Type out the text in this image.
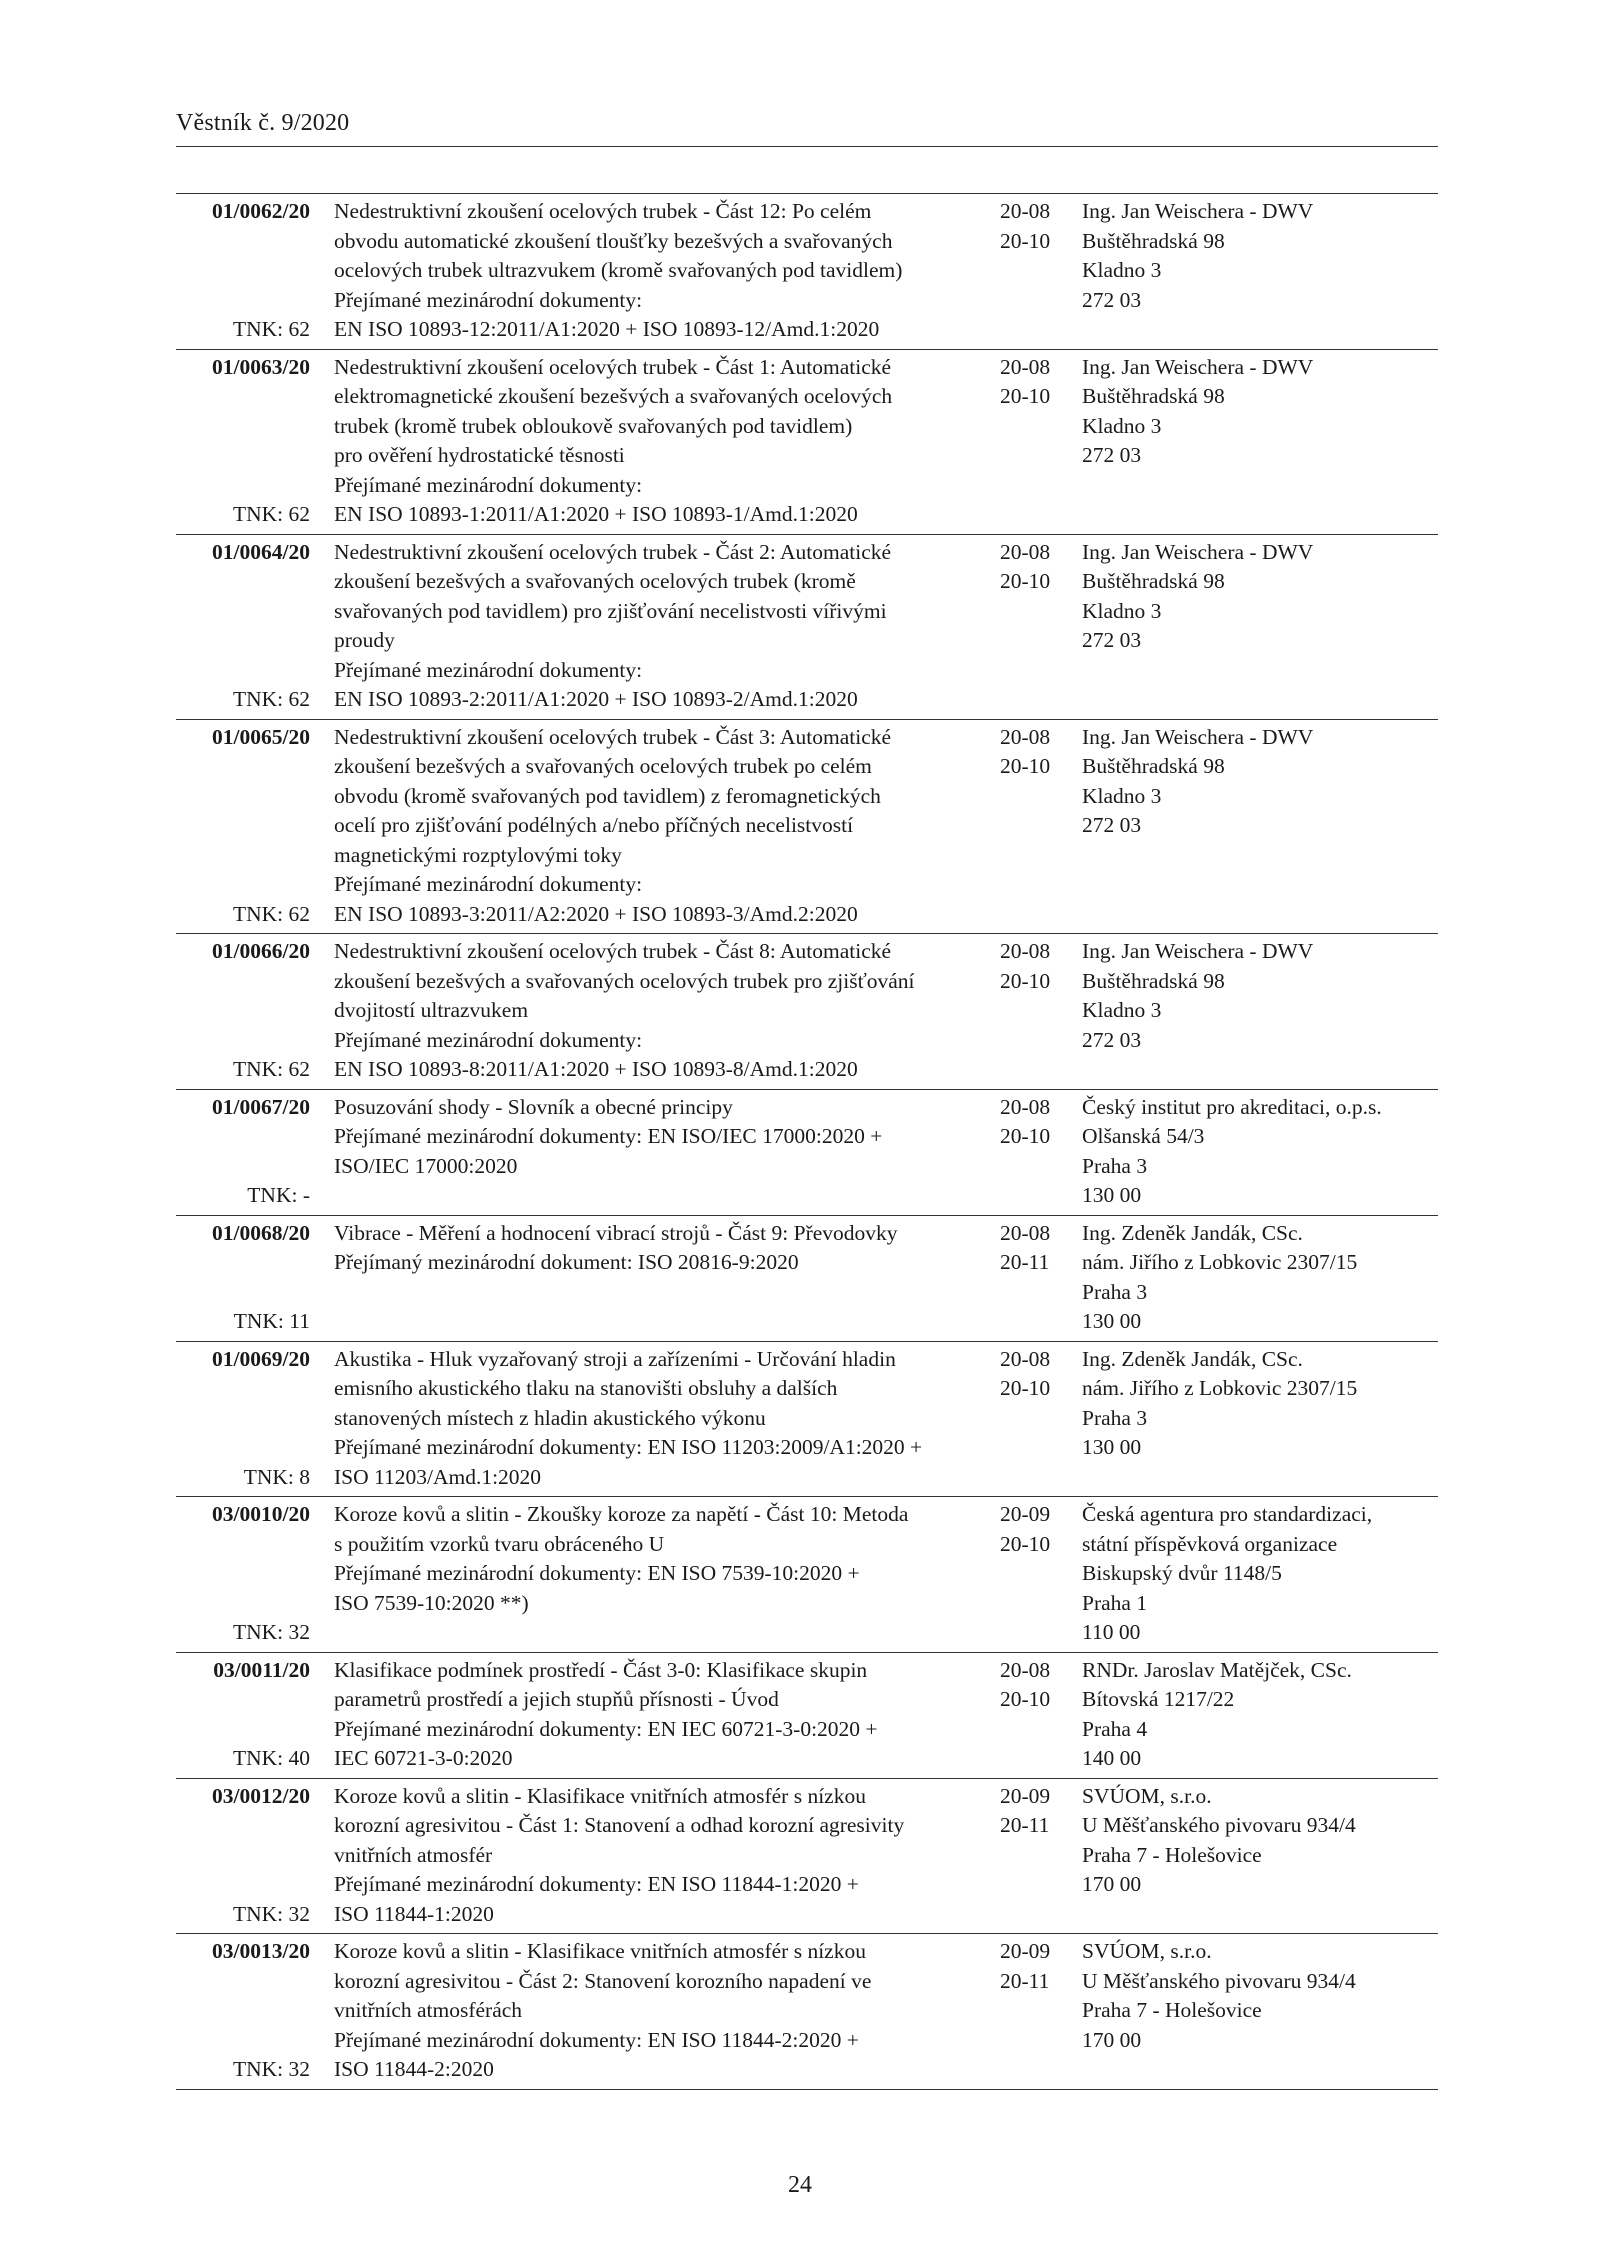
Věstník č. 9/2020
01/0062/20
TNK: 62
Nedestruktivní zkoušení ocelových trubek - Část 12: Po celém
obvodu automatické zkoušení tloušťky bezešvých a svařovaných
ocelových trubek ultrazvukem (kromě svařovaných pod tavidlem)
Přejímané mezinárodní dokumenty:
EN ISO 10893-12:2011/A1:2020 + ISO 10893-12/Amd.1:2020
20-08
20-10
Ing. Jan Weischera - DWV
Buštěhradská 98
Kladno 3
272 03
01/0063/20
TNK: 62
Nedestruktivní zkoušení ocelových trubek - Část 1: Automatické
elektromagnetické zkoušení bezešvých a svařovaných ocelových
trubek (kromě trubek obloukově svařovaných pod tavidlem)
pro ověření hydrostatické těsnosti
Přejímané mezinárodní dokumenty:
EN ISO 10893-1:2011/A1:2020 + ISO 10893-1/Amd.1:2020
20-08
20-10
Ing. Jan Weischera - DWV
Buštěhradská 98
Kladno 3
272 03
01/0064/20
TNK: 62
Nedestruktivní zkoušení ocelových trubek - Část 2: Automatické
zkoušení bezešvých a svařovaných ocelových trubek (kromě
svařovaných pod tavidlem) pro zjišťování necelistvosti vířivými
proudy
Přejímané mezinárodní dokumenty:
EN ISO 10893-2:2011/A1:2020 + ISO 10893-2/Amd.1:2020
20-08
20-10
Ing. Jan Weischera - DWV
Buštěhradská 98
Kladno 3
272 03
01/0065/20
TNK: 62
Nedestruktivní zkoušení ocelových trubek - Část 3: Automatické
zkoušení bezešvých a svařovaných ocelových trubek po celém
obvodu (kromě svařovaných pod tavidlem) z feromagnetických
ocelí pro zjišťování podélných a/nebo příčných necelistvostí
magnetickými rozptylovými toky
Přejímané mezinárodní dokumenty:
EN ISO 10893-3:2011/A2:2020 + ISO 10893-3/Amd.2:2020
20-08
20-10
Ing. Jan Weischera - DWV
Buštěhradská 98
Kladno 3
272 03
01/0066/20
TNK: 62
Nedestruktivní zkoušení ocelových trubek - Část 8: Automatické
zkoušení bezešvých a svařovaných ocelových trubek pro zjišťování
dvojitostí ultrazvukem
Přejímané mezinárodní dokumenty:
EN ISO 10893-8:2011/A1:2020 + ISO 10893-8/Amd.1:2020
20-08
20-10
Ing. Jan Weischera - DWV
Buštěhradská 98
Kladno 3
272 03
01/0067/20
TNK: -
Posuzování shody - Slovník a obecné principy
Přejímané mezinárodní dokumenty: EN ISO/IEC 17000:2020 +
ISO/IEC 17000:2020
20-08
20-10
Český institut pro akreditaci, o.p.s.
Olšanská 54/3
Praha 3
130 00
01/0068/20
TNK: 11
Vibrace - Měření a hodnocení vibrací strojů - Část 9: Převodovky
Přejímaný mezinárodní dokument: ISO 20816-9:2020
20-08
20-11
Ing. Zdeněk Jandák, CSc.
nám. Jiřího z Lobkovic 2307/15
Praha 3
130 00
01/0069/20
TNK: 8
Akustika - Hluk vyzařovaný stroji a zařízeními - Určování hladin
emisního akustického tlaku na stanovišti obsluhy a dalších
stanovených místech z hladin akustického výkonu
Přejímané mezinárodní dokumenty: EN ISO 11203:2009/A1:2020 +
ISO 11203/Amd.1:2020
20-08
20-10
Ing. Zdeněk Jandák, CSc.
nám. Jiřího z Lobkovic 2307/15
Praha 3
130 00
03/0010/20
TNK: 32
Koroze kovů a slitin - Zkoušky koroze za napětí - Část 10: Metoda
s použitím vzorků tvaru obráceného U
Přejímané mezinárodní dokumenty: EN ISO 7539-10:2020 +
ISO 7539-10:2020 **)
20-09
20-10
Česká agentura pro standardizaci,
státní příspěvková organizace
Biskupský dvůr 1148/5
Praha 1
110 00
03/0011/20
TNK: 40
Klasifikace podmínek prostředí - Část 3-0: Klasifikace skupin
parametrů prostředí a jejich stupňů přísnosti - Úvod
Přejímané mezinárodní dokumenty: EN IEC 60721-3-0:2020 +
IEC 60721-3-0:2020
20-08
20-10
RNDr. Jaroslav Matějček, CSc.
Bítovská 1217/22
Praha 4
140 00
03/0012/20
TNK: 32
Koroze kovů a slitin - Klasifikace vnitřních atmosfér s nízkou
korozní agresivitou - Část 1: Stanovení a odhad korozní agresivity
vnitřních atmosfér
Přejímané mezinárodní dokumenty: EN ISO 11844-1:2020 +
ISO 11844-1:2020
20-09
20-11
SVÚOM, s.r.o.
U Měšťanského pivovaru 934/4
Praha 7 - Holešovice
170 00
03/0013/20
TNK: 32
Koroze kovů a slitin - Klasifikace vnitřních atmosfér s nízkou
korozní agresivitou - Část 2: Stanovení korozního napadení ve
vnitřních atmosférách
Přejímané mezinárodní dokumenty: EN ISO 11844-2:2020 +
ISO 11844-2:2020
20-09
20-11
SVÚOM, s.r.o.
U Měšťanského pivovaru 934/4
Praha 7 - Holešovice
170 00
24
